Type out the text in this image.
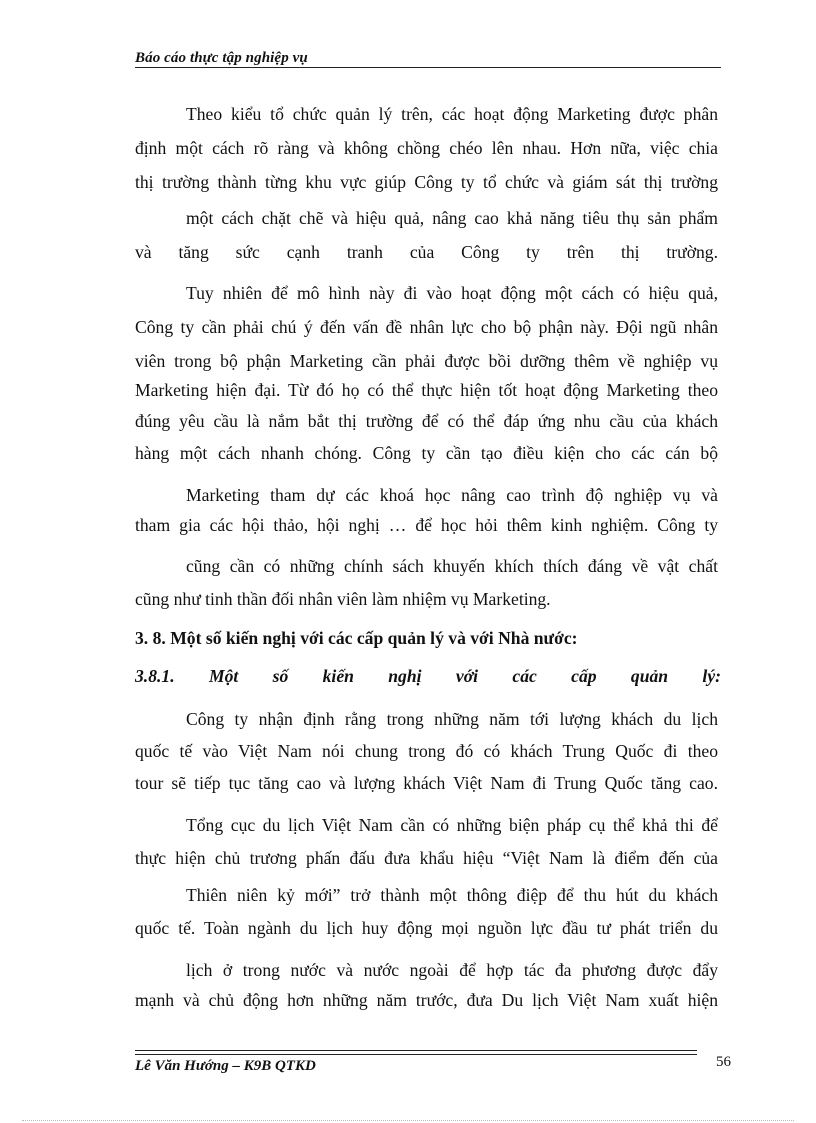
Báo cáo thực tập nghiệp vụ
Theo kiểu tổ chức quản lý trên, các hoạt động Marketing được phân
định một cách rõ ràng và không chồng chéo lên nhau. Hơn nữa, việc chia
thị trường thành từng khu vực giúp Công ty tổ chức và giám sát thị trường
một cách chặt chẽ và hiệu quả, nâng cao khả năng tiêu thụ sản phẩm
và tăng sức cạnh tranh của Công ty trên thị trường.
Tuy nhiên để mô hình này đi vào hoạt động một cách có hiệu quả,
Công ty cần phải chú ý đến vấn đề nhân lực cho bộ phận này. Đội ngũ nhân
viên trong bộ phận Marketing cần phải được bồi dưỡng thêm về nghiệp vụ
Marketing hiện đại. Từ đó họ có thể thực hiện tốt hoạt động Marketing theo
đúng yêu cầu là nắm bắt thị trường để có thể đáp ứng nhu cầu của khách
hàng một cách nhanh chóng. Công ty cần tạo điều kiện cho các cán bộ
Marketing tham dự các khoá học nâng cao trình độ nghiệp vụ và
tham gia các hội thảo, hội nghị … để học hỏi thêm kinh nghiệm. Công ty
cũng cần có những chính sách khuyến khích thích đáng về vật chất
cũng như tinh thần đối nhân viên làm nhiệm vụ Marketing.
3. 8. Một số kiến nghị với các cấp quản lý và với Nhà nước:
3.8.1. Một số kiến nghị với các cấp quản lý:
Công ty nhận định rằng trong những năm tới lượng khách du lịch
quốc tế vào Việt Nam nói chung trong đó có khách Trung Quốc đi theo
tour sẽ tiếp tục tăng cao và lượng khách Việt Nam đi Trung Quốc tăng cao.
Tổng cục du lịch Việt Nam cần có những biện pháp cụ thể khả thi để
thực hiện chủ trương phấn đấu đưa khẩu hiệu “Việt Nam là điểm đến của
Thiên niên kỷ mới” trở thành một thông điệp để thu hút du khách
quốc tế. Toàn ngành du lịch huy động mọi nguồn lực đầu tư phát triển du
lịch ở trong nước và nước ngoài để hợp tác đa phương được đẩy
mạnh và chủ động hơn những năm trước, đưa Du lịch Việt Nam xuất hiện
Lê Văn Hướng – K9B QTKD	56
